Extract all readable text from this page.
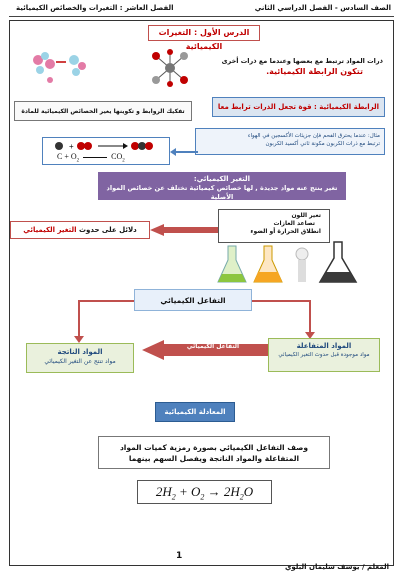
الصف السادس - الفصل الدراسي الثاني
الفصل العاشر : التغيرات والخصائص الكيميائية
الدرس الأول : التغيرات الكيميائية
ذرات المواد ترتبط مع بعضها وعندما مع ذرات أخرى
تتكون الرابطة الكيميائية.
تفكيك الروابط و تكوينها يغير الخصائص الكيميائية للمادة
الرابطة الكيميائية : قوة تجعل الذرات ترابط معا
+
$C + O_2$  $CO_2$
مثال: عندما يحترق الفحم فإن جزيئات الأكسجين في الهواء
ترتبط مع ذرات الكربون مكونة ثاني أكسيد الكربون
التغير الكيميائي:
تغير ينتج عنه مواد جديدة , لها خصائص كيميائية تختلف عن خصائص المواد الأصلية
دلائل على حدوث التغير الكيميائي
تغير اللون
تصاعد الغازات
انطلاق الحرارة أو الضوء
التفاعل الكيميائي
المواد الناتجة
مواد تنتج عن التغير الكيميائي
التفاعل الكيميائي	المواد المتفاعلة
مواد موجودة قبل حدوث التغير الكيميائي
المعادلة الكيميائية
وصف التفاعل الكيميائي بصورة رمزية كميات المواد المتفاعلة والمواد الناتجة ويفصل السهم بينهما
$2H_2 + O_2 \to 2H_2O$
1
المعلم / يوسف سليمان البلوي
